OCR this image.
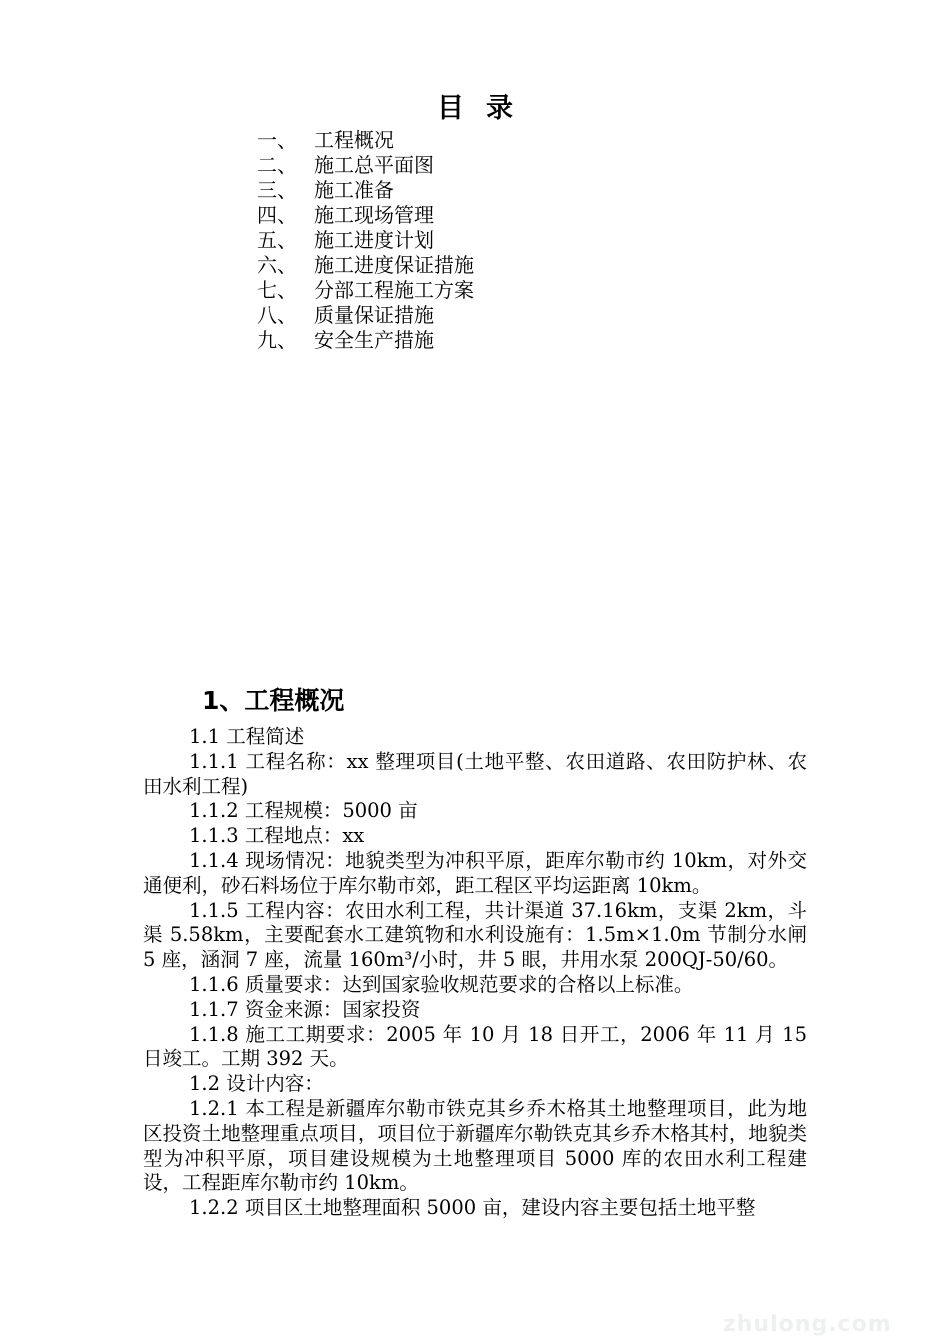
目录
一、 工程概况
二、 施工总平面图
三、 施工准备
四、 施工现场管理
五、 施工进度计划
六、 施工进度保证措施
七、 分部工程施工方案
八、 质量保证措施
九、 安全生产措施
1、工程概况

1.1 工程简述

1.1.1 工程名称：xx 整理项目(土地平整、农田道路、农田防护林、农田水利工程)

1.1.2 工程规模：5000 亩

1.1.3 工程地点：xx

1.1.4 现场情况：地貌类型为冲积平原，距库尔勒市约 10km，对外交通便利，砂石料场位于库尔勒市郊，距工程区平均运距离 10km。

1.1.5 工程内容：农田水利工程，共计渠道 37.16km，支渠 2km，斗渠 5.58km，主要配套水工建筑物和水利设施有：1.5m×1.0m 节制分水闸 5 座，涵洞 7 座，流量 160m³/小时，井 5 眼，井用水泵 200QJ-50/60。

1.1.6 质量要求：达到国家验收规范要求的合格以上标准。

1.1.7 资金来源：国家投资

1.1.8 施工工期要求：2005 年 10 月 18 日开工，2006 年 11 月 15 日竣工。工期 392 天。

1.2 设计内容：

1.2.1 本工程是新疆库尔勒市铁克其乡乔木格其土地整理项目，此为地区投资土地整理重点项目，项目位于新疆库尔勒铁克其乡乔木格其村，地貌类型为冲积平原，项目建设规模为土地整理项目 5000 库的农田水利工程建设，工程距库尔勒市约 10km。

1.2.2 项目区土地整理面积 5000 亩，建设内容主要包括土地平整

zhulong.com
